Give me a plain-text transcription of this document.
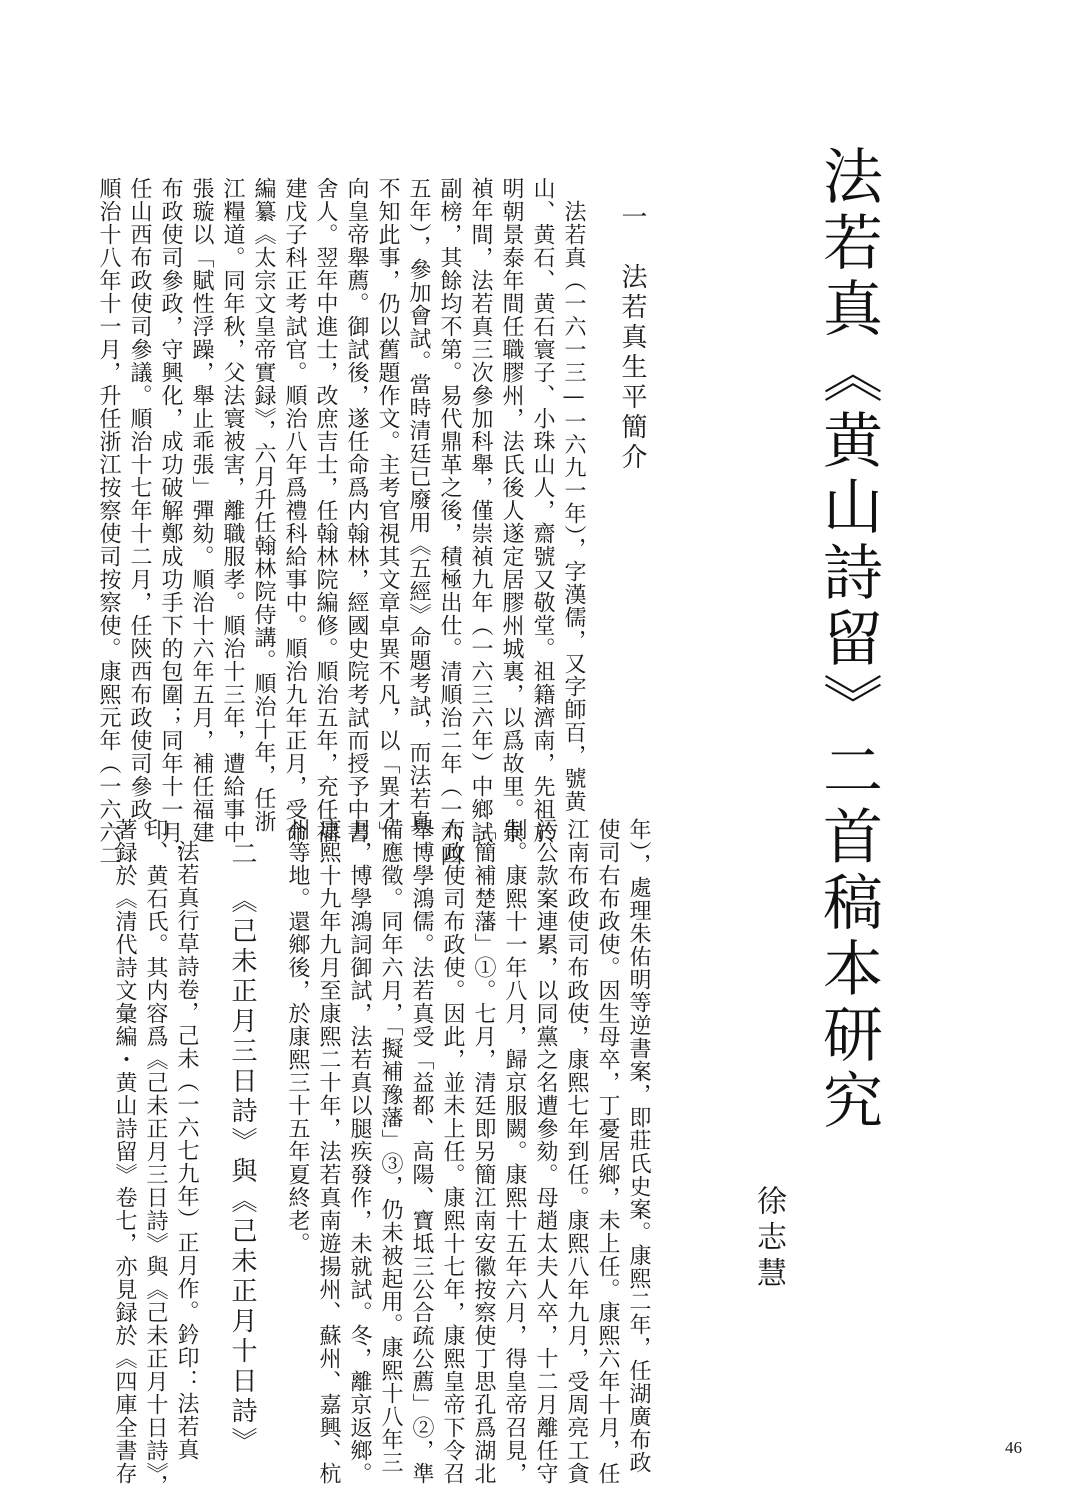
法若真《黄山詩留》二首稿本研究
徐志慧
一　法若真生平簡介
法若真（一六一三—一六九一年），字漢儒，又字師百，號黄
山、黄石、黄石寰子、小珠山人，齋號又敬堂。祖籍濟南，先祖於
明朝景泰年間任職膠州，法氏後人遂定居膠州城裏，以爲故里。崇
禎年間，法若真三次參加科舉，僅崇禎九年（一六三六年）中鄉試
副榜，其餘均不第。易代鼎革之後，積極出仕。清順治二年（一六四
五年），參加會試。當時清廷已廢用《五經》命題考試，而法若真
不知此事，仍以舊題作文。主考官視其文章卓異不凡，以「異才」
向皇帝舉薦。御試後，遂任命爲内翰林，經國史院考試而授予中書
舍人。翌年中進士，改庶吉士，任翰林院編修。順治五年，充任福
建戊子科正考試官。順治八年爲禮科給事中。順治九年正月，受命
編纂《太宗文皇帝實録》，六月升任翰林院侍講。順治十年，任浙
江糧道。同年秋，父法寰被害，離職服孝。順治十三年，遭給事中
張璇以「賦性浮躁，舉止乖張」彈劾。順治十六年五月，補任福建
布政使司參政，守興化，成功破解鄭成功手下的包圍；同年十一月，
任山西布政使司參議。順治十七年十二月，任陝西布政使司參政。
順治十八年十一月，升任浙江按察使司按察使。康熙元年（一六六二
年），處理朱佑明等逆書案，即莊氏史案。康熙二年，任湖廣布政
使司右布政使。因生母卒，丁憂居鄉，未上任。康熙六年十月，任
江南布政使司布政使，康熙七年到任。康熙八年九月，受周亮工貪
污公款案連累，以同黨之名遭參劾。母趙太夫人卒，十二月離任守
制。康熙十一年八月，歸京服闕。康熙十五年六月，得皇帝召見，
「簡補楚藩」①。七月，清廷即另簡江南安徽按察使丁思孔爲湖北
布政使司布政使。因此，並未上任。康熙十七年，康熙皇帝下令召
舉博學鴻儒。法若真受「益都、高陽、寶坻三公合疏公薦」②，準
備應徵。同年六月，「擬補豫藩」③，仍未被起用。康熙十八年三
月，博學鴻詞御試，法若真以腿疾發作，未就試。冬，離京返鄉。
康熙十九年九月至康熙二十年，法若真南遊揚州、蘇州、嘉興、杭
州等地。還鄉後，於康熙三十五年夏終老。
二　《己未正月三日詩》與《己未正月十日詩》
法若真行草詩卷，己未（一六七九年）正月作。鈐印：法若真
印、黄石氏。其内容爲《己未正月三日詩》與《己未正月十日詩》，
著録於《清代詩文彙編・黄山詩留》卷七，亦見録於《四庫全書存	46
